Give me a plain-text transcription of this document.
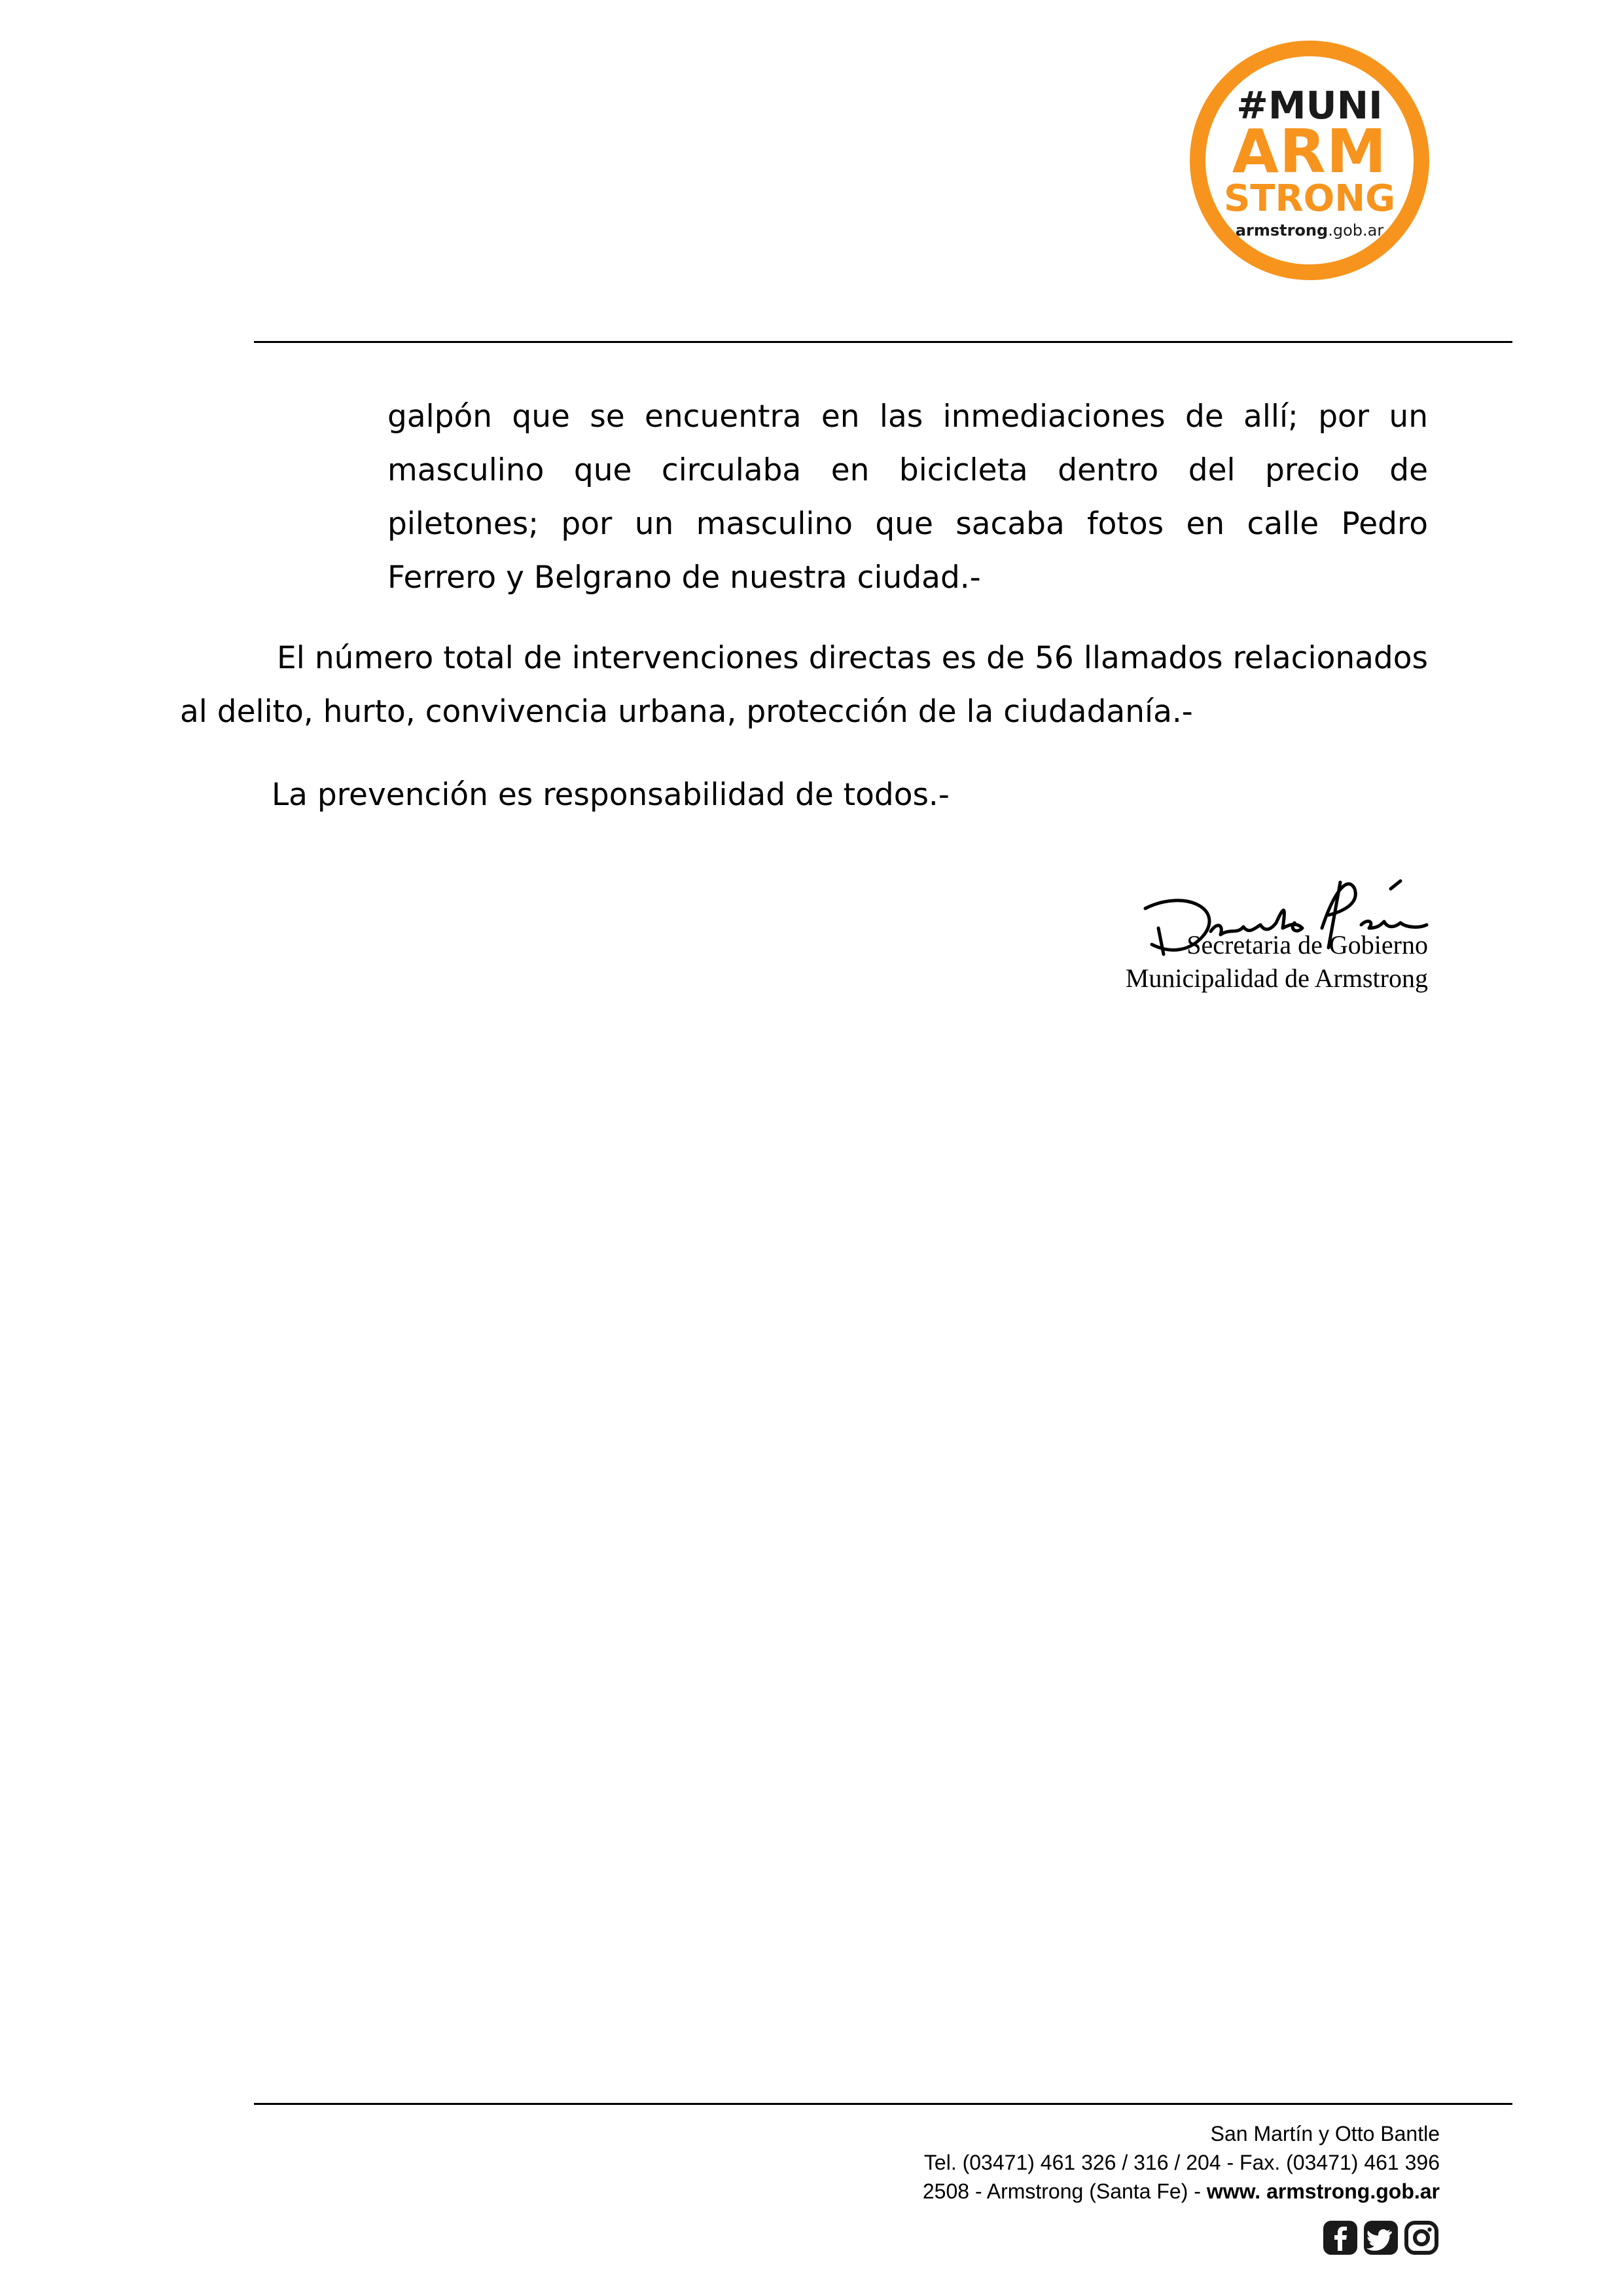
#MUNI
ARM
STRONG
armstrong.gob.ar

galpón que se encuentra en las inmediaciones de allí; por un masculino que circulaba en bicicleta dentro del precio de piletones; por un masculino que sacaba fotos en calle Pedro Ferrero y Belgrano de nuestra ciudad.-

El número total de intervenciones directas es de 56 llamados relacionados al delito, hurto, convivencia urbana, protección de la ciudadanía.-

La prevención es responsabilidad de todos.-

Secretaria de Gobierno
Municipalidad de Armstrong
San Martín y Otto Bantle
Tel. (03471) 461 326 / 316 / 204 - Fax. (03471) 461 396
2508 - Armstrong (Santa Fe) - www. armstrong.gob.ar
